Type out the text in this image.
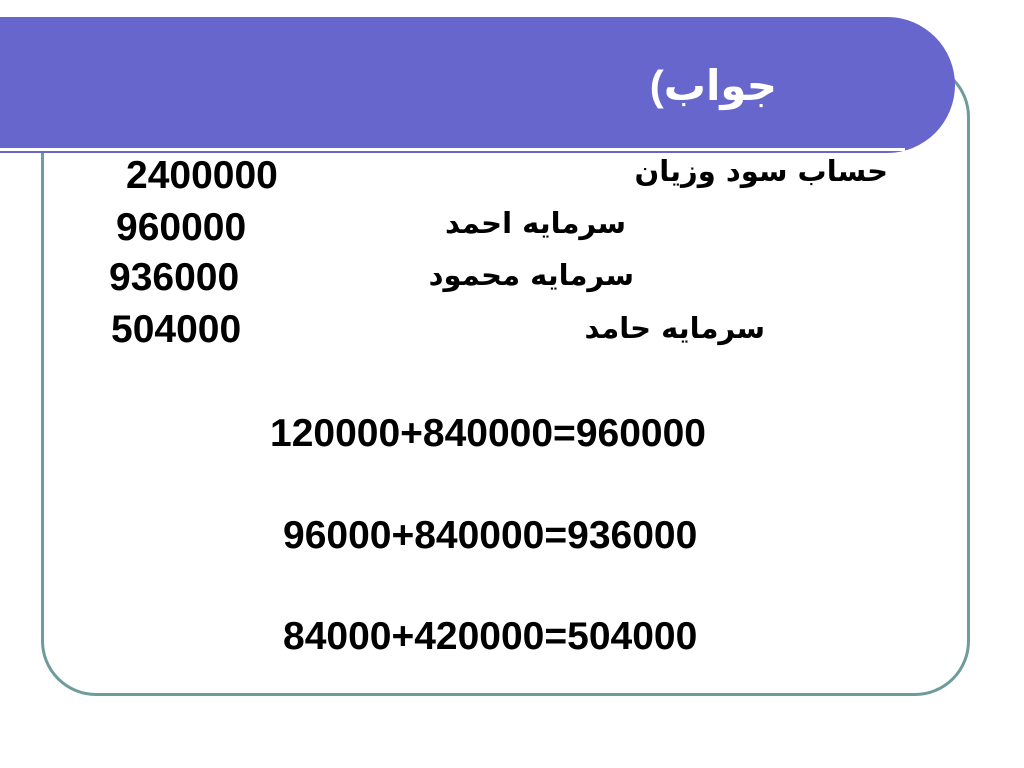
جواب)
حساب سود وزیان
2400000
سرمایه احمد
960000
سرمایه محمود
936000
سرمایه حامد
504000
120000+840000=960000
96000+840000=936000
84000+420000=504000
